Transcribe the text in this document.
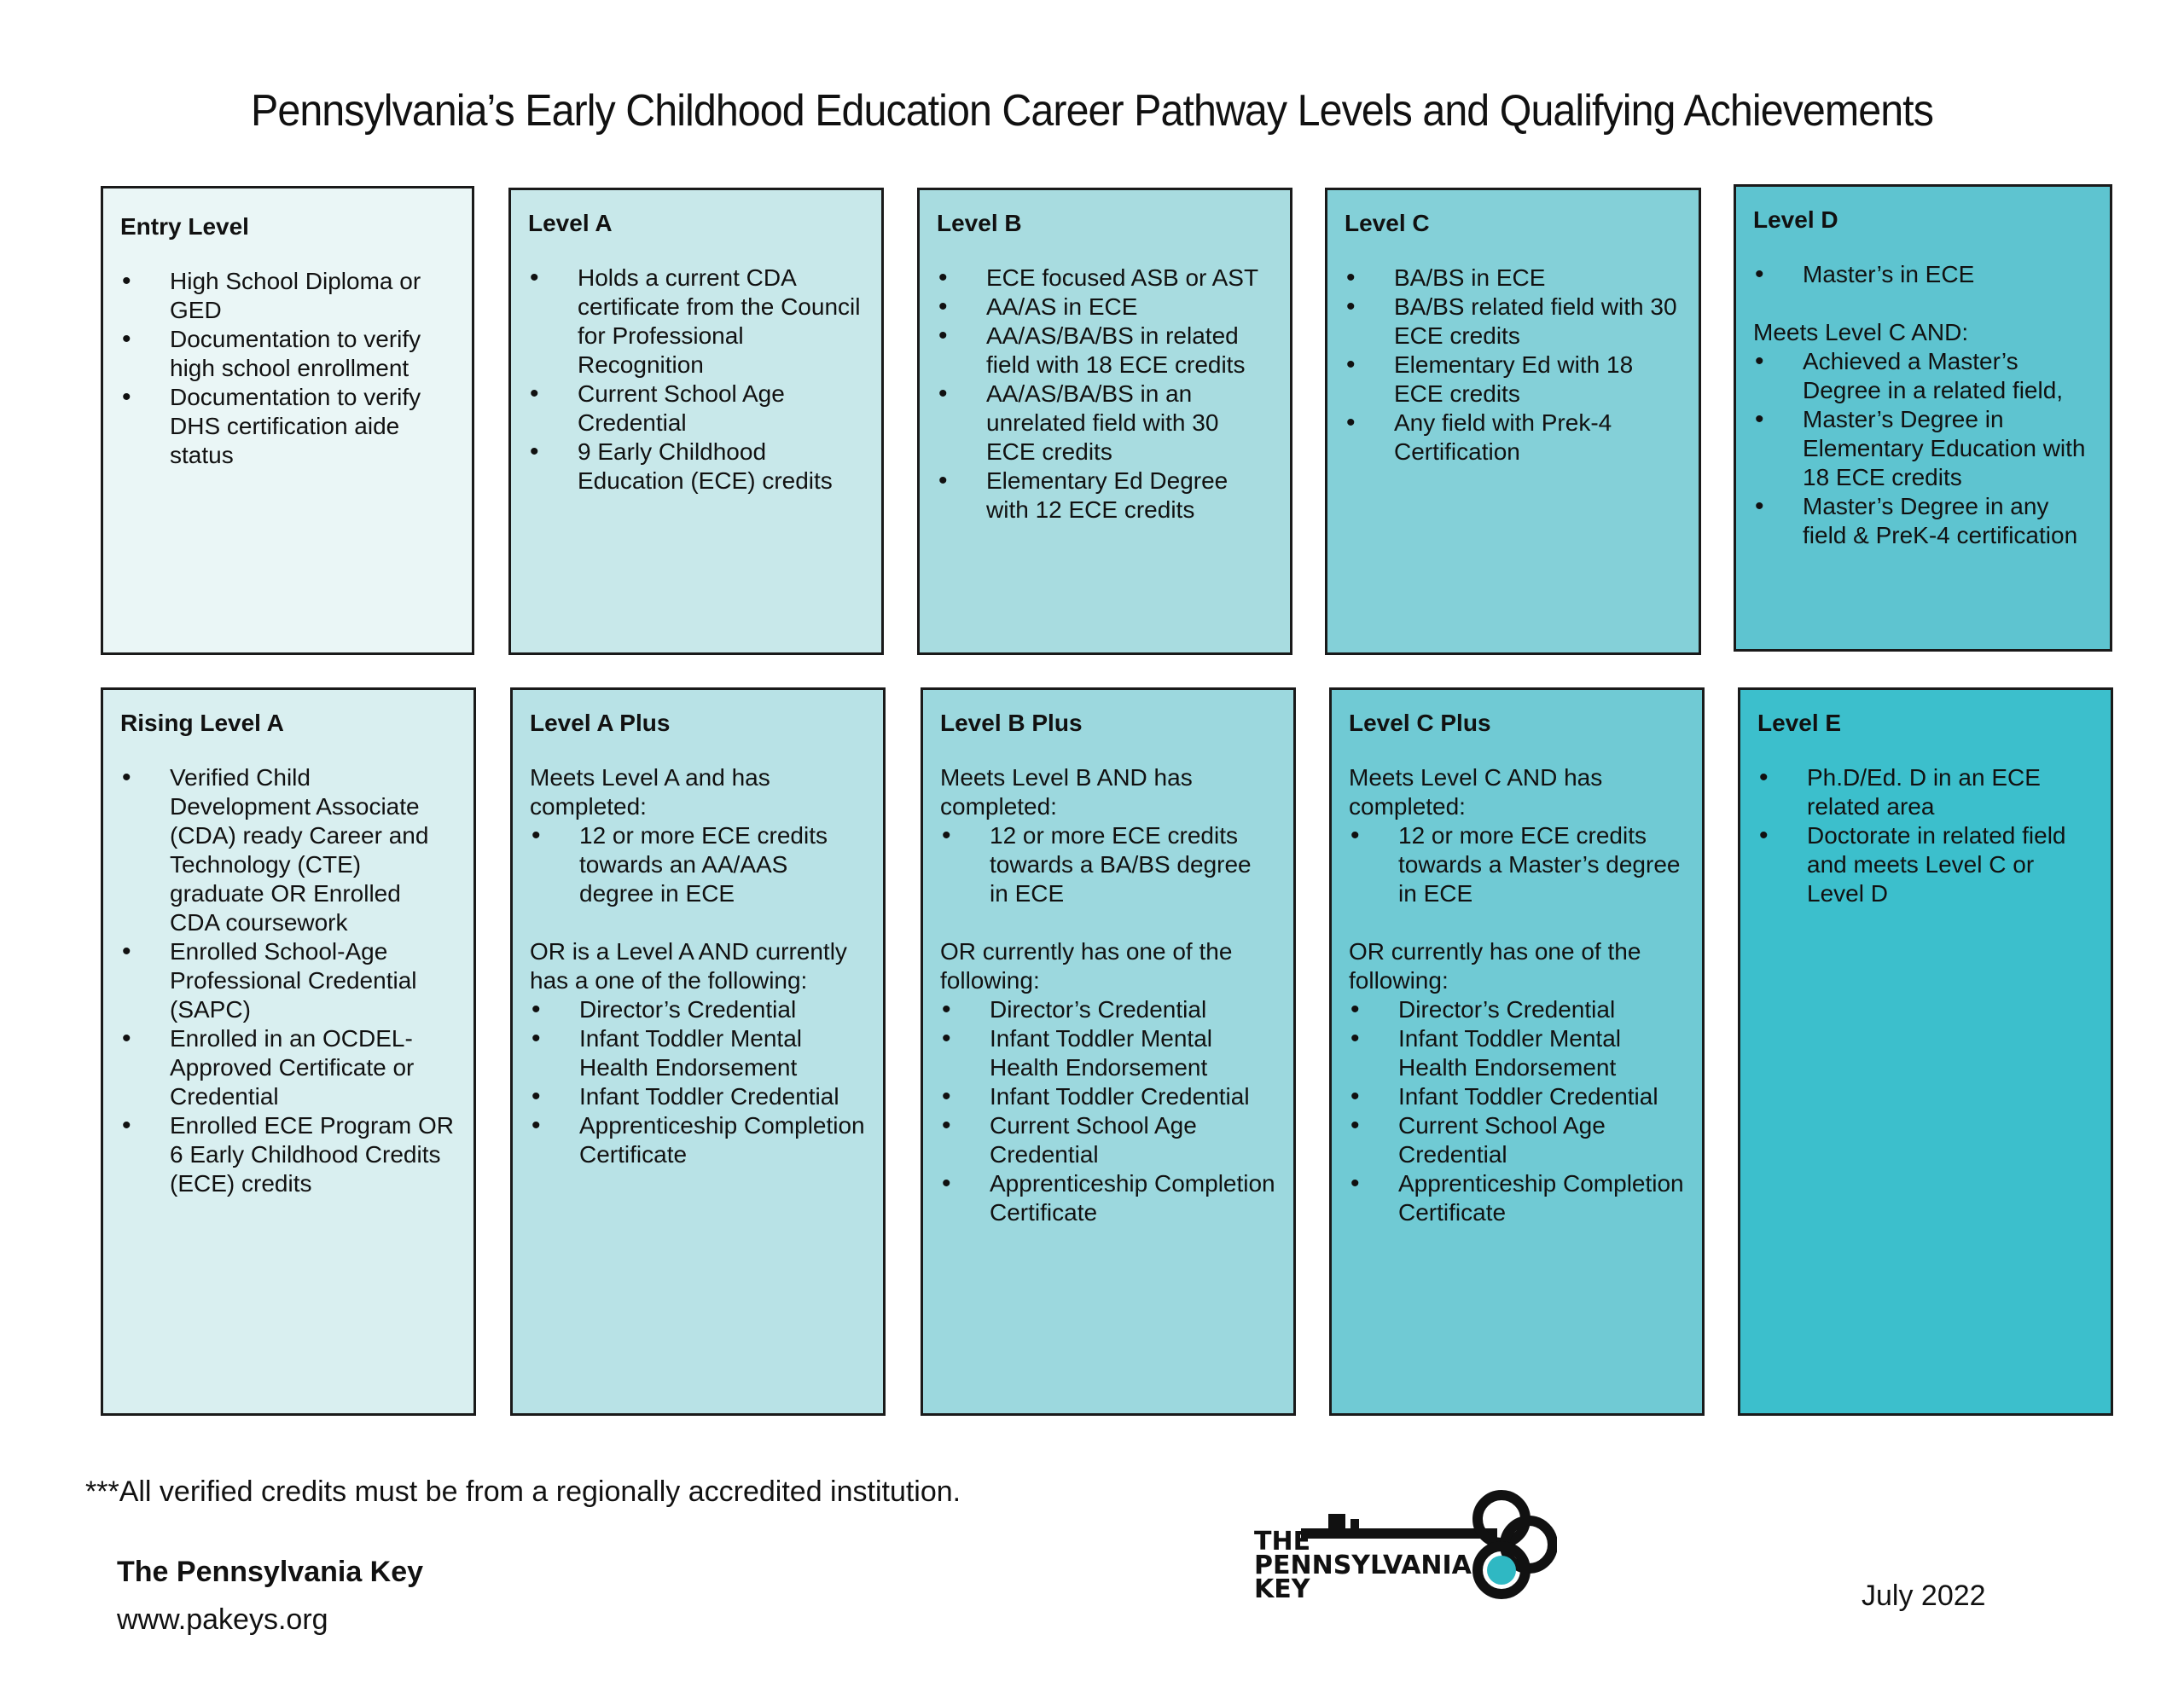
Pennsylvania’s Early Childhood Education Career Pathway Levels and Qualifying Achievements
Entry Level
• High School Diploma or GED
• Documentation to verify high school enrollment
• Documentation to verify DHS certification aide status
Level A
• Holds a current CDA certificate from the Council for Professional Recognition
• Current School Age Credential
• 9 Early Childhood Education (ECE) credits
Level B
• ECE focused ASB or AST
• AA/AS in ECE
• AA/AS/BA/BS in related field with 18 ECE credits
• AA/AS/BA/BS in an unrelated field with 30 ECE credits
• Elementary Ed Degree with 12 ECE credits
Level C
• BA/BS in ECE
• BA/BS related field with 30 ECE credits
• Elementary Ed with 18 ECE credits
• Any field with Prek-4 Certification
Level D
• Master’s in ECE

Meets Level C AND:

• Achieved a Master’s Degree in a related field,
• Master’s Degree in Elementary Education with 18 ECE credits
• Master’s Degree in any field & PreK-4 certification
Rising Level A
• Verified Child Development Associate (CDA) ready Career and Technology (CTE) graduate OR Enrolled CDA coursework
• Enrolled School-Age Professional Credential (SAPC)
• Enrolled in an OCDEL-Approved Certificate or Credential
• Enrolled ECE Program OR 6 Early Childhood Credits (ECE) credits
Level A Plus

Meets Level A and has completed:

• 12 or more ECE credits towards an AA/AAS degree in ECE

OR is a Level A AND currently has a one of the following:

• Director’s Credential
• Infant Toddler Mental Health Endorsement
• Infant Toddler Credential
• Apprenticeship Completion Certificate
Level B Plus

Meets Level B AND has completed:

• 12 or more ECE credits towards a BA/BS degree in ECE

OR currently has one of the following:

• Director’s Credential
• Infant Toddler Mental Health Endorsement
• Infant Toddler Credential
• Current School Age Credential
• Apprenticeship Completion Certificate
Level C Plus

Meets Level C AND has completed:

• 12 or more ECE credits towards a Master’s degree in ECE

OR currently has one of the following:

• Director’s Credential
• Infant Toddler Mental Health Endorsement
• Infant Toddler Credential
• Current School Age Credential
• Apprenticeship Completion Certificate
Level E
• Ph.D/Ed. D in an ECE related area
• Doctorate in related field and meets Level C or Level D
***All verified credits must be from a regionally accredited institution.
THE
PENNSYLVANIA
KEY
The Pennsylvania Key
www.pakeys.org
July 2022
